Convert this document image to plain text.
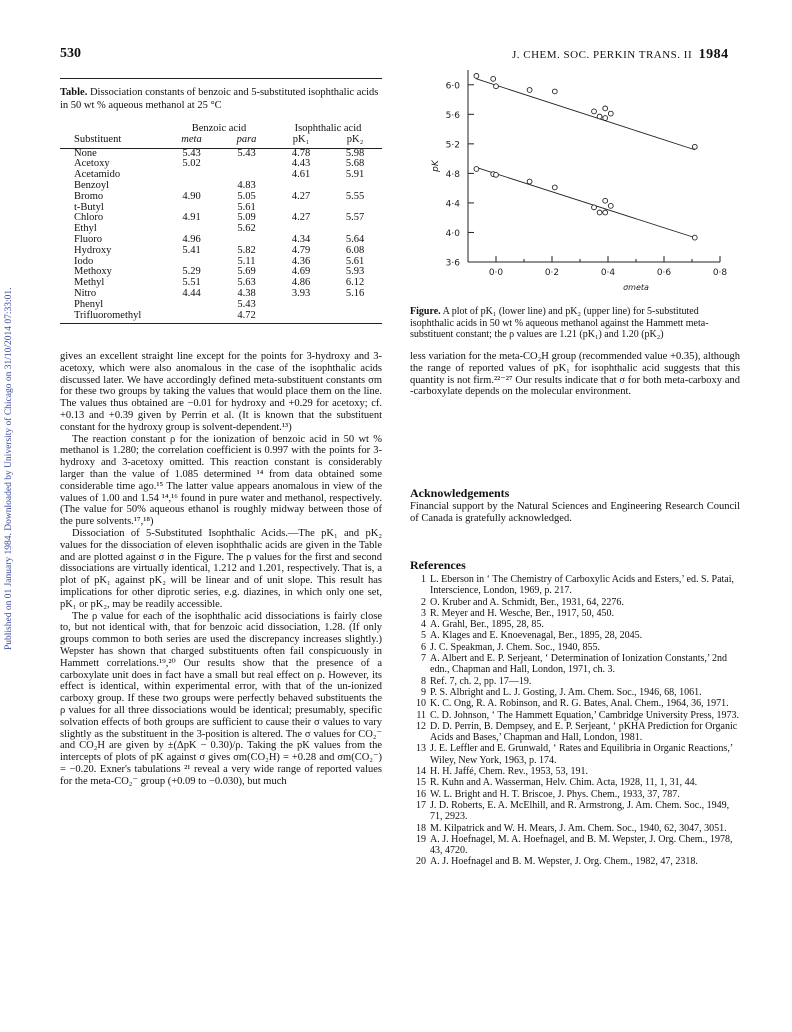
Published on 01 January 1984. Downloaded by University of Chicago on 31/10/2014 07:33:01.
530	J. CHEM. SOC. PERKIN TRANS. II 1984
Table. Dissociation constants of benzoic and 5-substituted isophthalic acids in 50 wt % aqueous methanol at 25 °C
	Benzoic acid		Isophthalic acid	
Substituent	meta	para	pK₁	pK₂

None	5.43	5.43	4.78	5.98
Acetoxy	5.02		4.43	5.68
Acetamido			4.61	5.91
Benzoyl		4.83		
Bromo	4.90	5.05	4.27	5.55
t-Butyl		5.61		
Chloro	4.91	5.09	4.27	5.57
Ethyl		5.62		
Fluoro	4.96		4.34	5.64
Hydroxy	5.41	5.82	4.79	6.08
Iodo		5.11	4.36	5.61
Methoxy	5.29	5.69	4.69	5.93
Methyl	5.51	5.63	4.86	6.12
Nitro	4.44	4.38	3.93	5.16
Phenyl		5.43		
Trifluoromethyl		4.72		

3·6
4·0
4·4
4·8
5·2
5·6
6·0
0·0	0·2	0·4	0·6	0·8
pK
σmeta
Figure. A plot of pK₁ (lower line) and pK₂ (upper line) for 5-substituted isophthalic acids in 50 wt % aqueous methanol against the Hammett meta-substituent constant; the ρ values are 1.21 (pK₁) and 1.20 (pK₂)

gives an excellent straight line except for the points for 3-hydroxy and 3-acetoxy, which were also anomalous in the case of the isophthalic acids discussed later. We have accordingly defined meta-substituent constants σm for these two groups by taking the values that would place them on the line. The values thus obtained are −0.01 for hydroxy and +0.29 for acetoxy; cf. +0.13 and +0.39 given by Perrin et al. (It is known that the substituent constant for the hydroxy group is solvent-dependent.¹³)

The reaction constant ρ for the ionization of benzoic acid in 50 wt % methanol is 1.280; the correlation coefficient is 0.997 with the points for 3-hydroxy and 3-acetoxy omitted. This reaction constant is considerably larger than the value of 1.085 determined ¹⁴ from data obtained some considerable time ago.¹⁵ The latter value appears anomalous in view of the values of 1.00 and 1.54 ¹⁴,¹⁶ found in pure water and methanol, respectively. (The value for 50% aqueous ethanol is roughly midway between those of the pure solvents.¹⁷,¹⁸)

Dissociation of 5-Substituted Isophthalic Acids.—The pK₁ and pK₂ values for the dissociation of eleven isophthalic acids are given in the Table and are plotted against σ in the Figure. The ρ values for the first and second dissociations are virtually identical, 1.212 and 1.201, respectively. That is, a plot of pK₁ against pK₂ will be linear and of unit slope. This result has implications for other diprotic series, e.g. diazines, in which only one set, pK₁ or pK₂, may be readily accessible.

The ρ value for each of the isophthalic acid dissociations is fairly close to, but not identical with, that for benzoic acid dissociation, 1.28. (If only groups common to both series are used the discrepancy increases slightly.) Wepster has shown that charged substituents often fail conspicuously in Hammett correlations.¹⁹,²⁰ Our results show that the presence of a carboxylate unit does in fact have a small but real effect on ρ. However, its effect is identical, within experimental error, with that of the un-ionized carboxy group. If these two groups were perfectly behaved substituents the ρ values for all three dissociations would be identical; presumably, specific solvation effects of both groups are sufficient to cause their σ values to vary slightly as the substituent in the 3-position is altered. The σ values for CO₂⁻ and CO₂H are given by ±(ΔpK − 0.30)/ρ. Taking the pK values from the intercepts of plots of pK against σ gives σm(CO₂H) = +0.28 and σm(CO₂⁻) = −0.20. Exner's tabulations ²¹ reveal a very wide range of reported values for the meta-CO₂⁻ group (+0.09 to −0.030), but much

less variation for the meta-CO₂H group (recommended value +0.35), although the range of reported values of pK₁ for isophthalic acid suggests that this quantity is not firm.²²⁻²⁷ Our results indicate that σ for both meta-carboxy and -carboxylate depends on the molecular environment.

Acknowledgements
Financial support by the Natural Sciences and Engineering Research Council of Canada is gratefully acknowledged.
References
1 L. Eberson in ‘ The Chemistry of Carboxylic Acids and Esters,’ ed. S. Patai, Interscience, London, 1969, p. 217.
2 O. Kruber and A. Schmidt, Ber., 1931, 64, 2276.
3 R. Meyer and H. Wesche, Ber., 1917, 50, 450.
4 A. Grahl, Ber., 1895, 28, 85.
5 A. Klages and E. Knoevenagal, Ber., 1895, 28, 2045.
6 J. C. Speakman, J. Chem. Soc., 1940, 855.
7 A. Albert and E. P. Serjeant, ‘ Determination of Ionization Constants,’ 2nd edn., Chapman and Hall, London, 1971, ch. 3.
8 Ref. 7, ch. 2, pp. 17—19.
9 P. S. Albright and L. J. Gosting, J. Am. Chem. Soc., 1946, 68, 1061.
10 K. C. Ong, R. A. Robinson, and R. G. Bates, Anal. Chem., 1964, 36, 1971.
11 C. D. Johnson, ‘ The Hammett Equation,’ Cambridge University Press, 1973.
12 D. D. Perrin, B. Dempsey, and E. P. Serjeant, ‘ pKHA Prediction for Organic Acids and Bases,’ Chapman and Hall, London, 1981.
13 J. E. Leffler and E. Grunwald, ‘ Rates and Equilibria in Organic Reactions,’ Wiley, New York, 1963, p. 174.
14 H. H. Jaffé, Chem. Rev., 1953, 53, 191.
15 R. Kuhn and A. Wasserman, Helv. Chim. Acta, 1928, 11, 1, 31, 44.
16 W. L. Bright and H. T. Briscoe, J. Phys. Chem., 1933, 37, 787.
17 J. D. Roberts, E. A. McElhill, and R. Armstrong, J. Am. Chem. Soc., 1949, 71, 2923.
18 M. Kilpatrick and W. H. Mears, J. Am. Chem. Soc., 1940, 62, 3047, 3051.
19 A. J. Hoefnagel, M. A. Hoefnagel, and B. M. Wepster, J. Org. Chem., 1978, 43, 4720.
20 A. J. Hoefnagel and B. M. Wepster, J. Org. Chem., 1982, 47, 2318.
